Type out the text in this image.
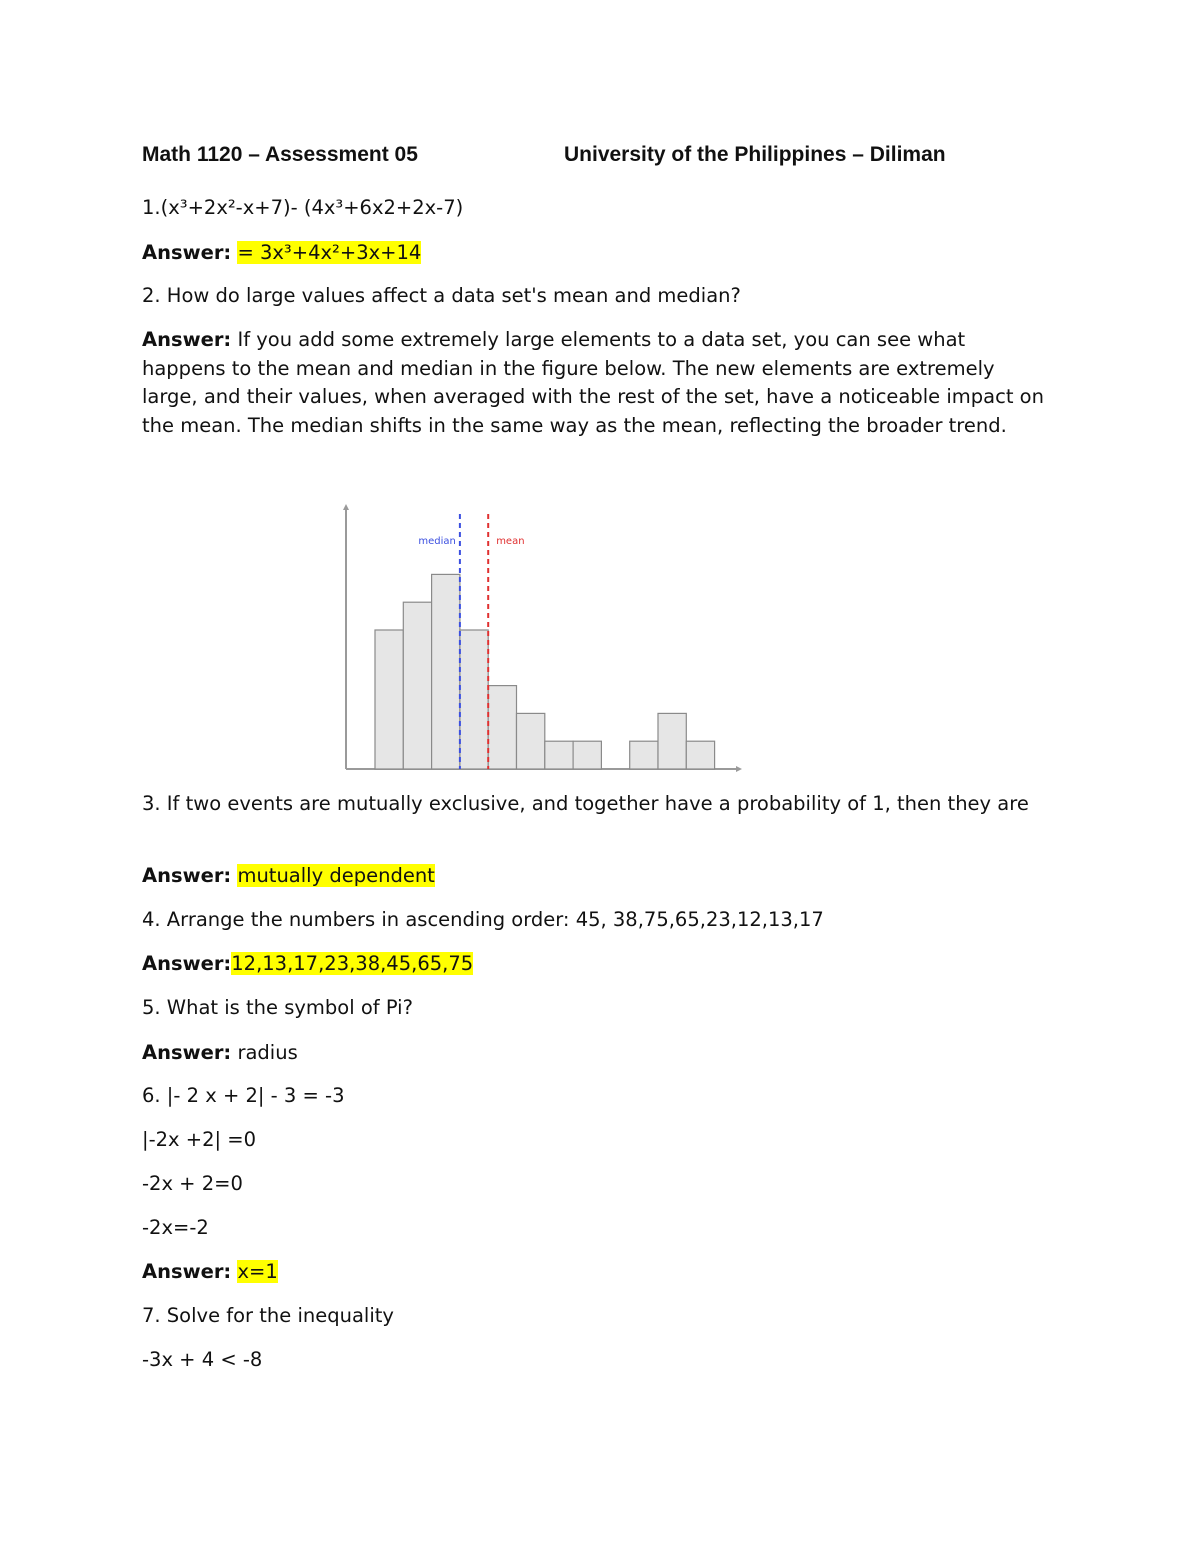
Math 1120 – Assessment 05	University of the Philippines – Diliman
1.(x³+2x²-x+7)- (4x³+6x2+2x-7)
Answer: = 3x³+4x²+3x+14
2. How do large values affect a data set's mean and median?
Answer: If you add some extremely large elements to a data set, you can see what happens to the mean and median in the figure below. The new elements are extremely large, and their values, when averaged with the rest of the set, have a noticeable impact on the mean. The median shifts in the same way as the mean, reflecting the broader trend.
median	mean
3. If two events are mutually exclusive, and together have a probability of 1, then they are
Answer: mutually dependent
4. Arrange the numbers in ascending order: 45, 38,75,65,23,12,13,17
Answer:12,13,17,23,38,45,65,75
5. What is the symbol of Pi?
Answer: radius
6. |- 2 x + 2| - 3 = -3
|-2x +2| =0
-2x + 2=0
-2x=-2
Answer: x=1
7. Solve for the inequality
-3x + 4 < -8
